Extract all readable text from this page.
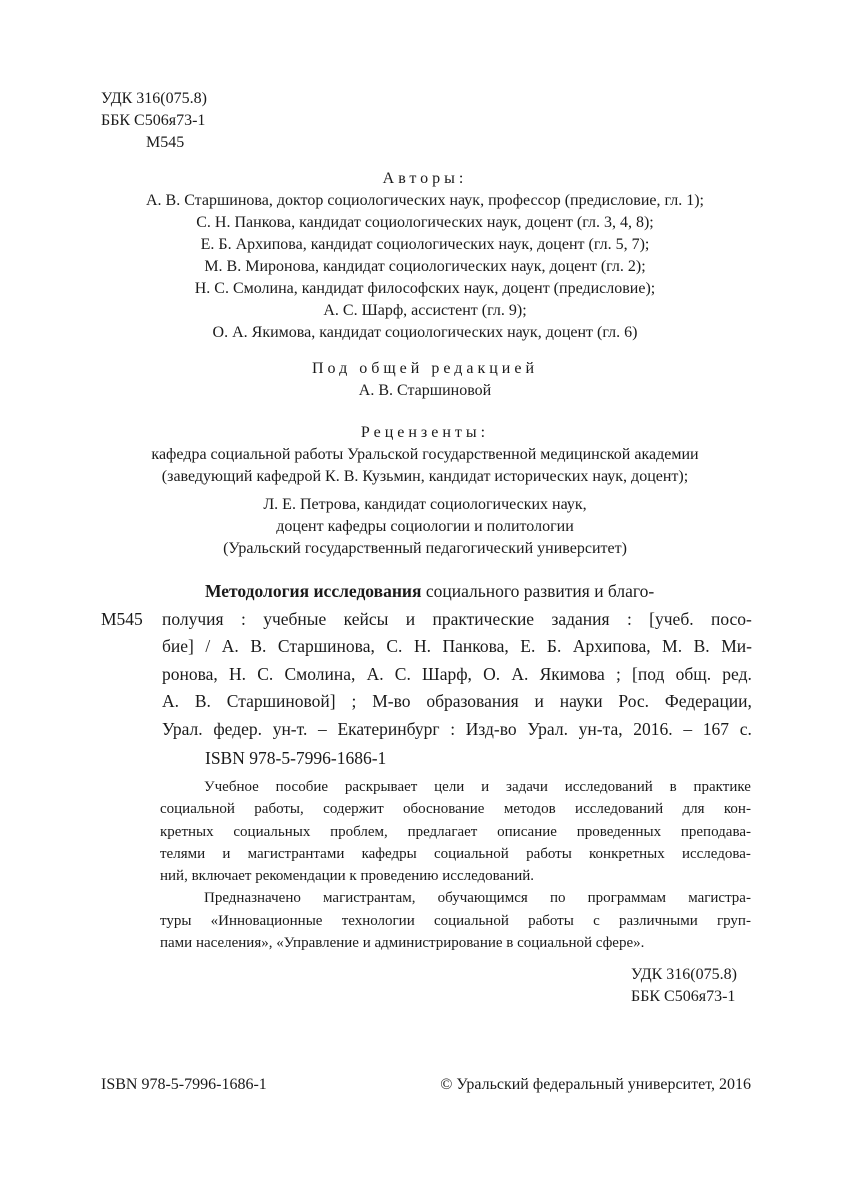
УДК 316(075.8)
ББК С506я73-1
М545
Авторы:
А. В. Старшинова, доктор социологических наук, профессор (предисловие, гл. 1);
С. Н. Панкова, кандидат социологических наук, доцент (гл. 3, 4, 8);
Е. Б. Архипова, кандидат социологических наук, доцент (гл. 5, 7);
М. В. Миронова, кандидат социологических наук, доцент (гл. 2);
Н. С. Смолина, кандидат философских наук, доцент (предисловие);
А. С. Шарф, ассистент (гл. 9);
О. А. Якимова, кандидат социологических наук, доцент (гл. 6)
Под общей редакцией
А. В. Старшиновой
Рецензенты:
кафедра социальной работы Уральской государственной медицинской академии
(заведующий кафедрой К. В. Кузьмин, кандидат исторических наук, доцент);
Л. Е. Петрова, кандидат социологических наук,
доцент кафедры социологии и политологии
(Уральский государственный педагогический университет)
М545
Методология исследования социального развития и благо-
получия : учебные кейсы и практические задания : [учеб. посо-
бие] / А. В. Старшинова, С. Н. Панкова, Е. Б. Архипова, М. В. Ми-
ронова, Н. С. Смолина, А. С. Шарф, О. А. Якимова ; [под общ. ред.
А. В. Старшиновой] ; М-во образования и науки Рос. Федерации,
Урал. федер. ун-т. – Екатеринбург : Изд-во Урал. ун-та, 2016. – 167 с.
ISBN 978-5-7996-1686-1
Учебное пособие раскрывает цели и задачи исследований в практике
социальной работы, содержит обоснование методов исследований для кон-
кретных социальных проблем, предлагает описание проведенных преподава-
телями и магистрантами кафедры социальной работы конкретных исследова-
ний, включает рекомендации к проведению исследований.
Предназначено магистрантам, обучающимся по программам магистра-
туры «Инновационные технологии социальной работы с различными груп-
пами населения», «Управление и администрирование в социальной сфере».
УДК 316(075.8)
ББК С506я73-1
ISBN 978-5-7996-1686-1	© Уральский федеральный университет, 2016
